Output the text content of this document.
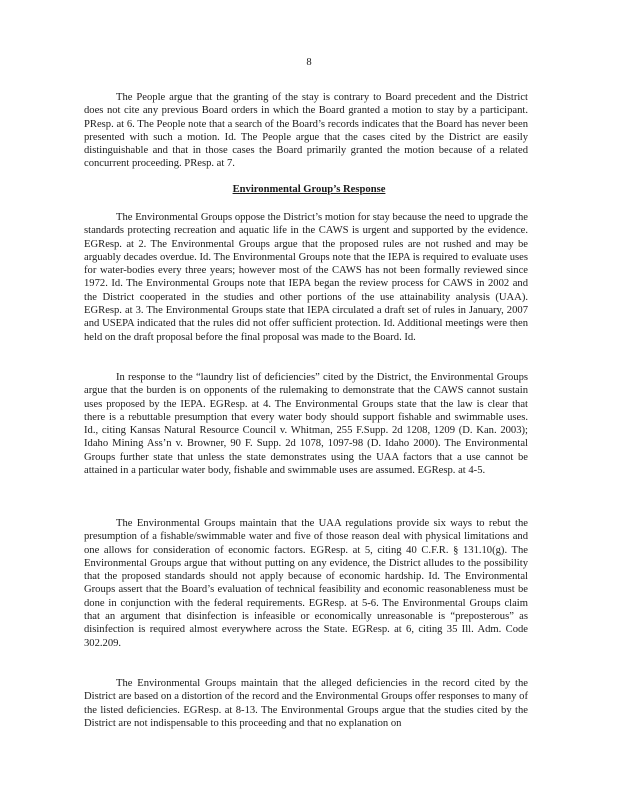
8
The People argue that the granting of the stay is contrary to Board precedent and the District does not cite any previous Board orders in which the Board granted a motion to stay by a participant. PResp. at 6. The People note that a search of the Board’s records indicates that the Board has never been presented with such a motion. Id. The People argue that the cases cited by the District are easily distinguishable and that in those cases the Board primarily granted the motion because of a related concurrent proceeding. PResp. at 7.
Environmental Group’s Response
The Environmental Groups oppose the District’s motion for stay because the need to upgrade the standards protecting recreation and aquatic life in the CAWS is urgent and supported by the evidence. EGResp. at 2. The Environmental Groups argue that the proposed rules are not rushed and may be arguably decades overdue. Id. The Environmental Groups note that the IEPA is required to evaluate uses for water-bodies every three years; however most of the CAWS has not been formally reviewed since 1972. Id. The Environmental Groups note that IEPA began the review process for CAWS in 2002 and the District cooperated in the studies and other portions of the use attainability analysis (UAA). EGResp. at 3. The Environmental Groups state that IEPA circulated a draft set of rules in January, 2007 and USEPA indicated that the rules did not offer sufficient protection. Id. Additional meetings were then held on the draft proposal before the final proposal was made to the Board. Id.
In response to the “laundry list of deficiencies” cited by the District, the Environmental Groups argue that the burden is on opponents of the rulemaking to demonstrate that the CAWS cannot sustain uses proposed by the IEPA. EGResp. at 4. The Environmental Groups state that the law is clear that there is a rebuttable presumption that every water body should support fishable and swimmable uses. Id., citing Kansas Natural Resource Council v. Whitman, 255 F.Supp. 2d 1208, 1209 (D. Kan. 2003); Idaho Mining Ass’n v. Browner, 90 F. Supp. 2d 1078, 1097-98 (D. Idaho 2000). The Environmental Groups further state that unless the state demonstrates using the UAA factors that a use cannot be attained in a particular water body, fishable and swimmable uses are assumed. EGResp. at 4-5.
The Environmental Groups maintain that the UAA regulations provide six ways to rebut the presumption of a fishable/swimmable water and five of those reason deal with physical limitations and one allows for consideration of economic factors. EGResp. at 5, citing 40 C.F.R. § 131.10(g). The Environmental Groups argue that without putting on any evidence, the District alludes to the possibility that the proposed standards should not apply because of economic hardship. Id. The Environmental Groups assert that the Board’s evaluation of technical feasibility and economic reasonableness must be done in conjunction with the federal requirements. EGResp. at 5-6. The Environmental Groups claim that an argument that disinfection is infeasible or economically unreasonable is “preposterous” as disinfection is required almost everywhere across the State. EGResp. at 6, citing 35 Ill. Adm. Code 302.209.
The Environmental Groups maintain that the alleged deficiencies in the record cited by the District are based on a distortion of the record and the Environmental Groups offer responses to many of the listed deficiencies. EGResp. at 8-13. The Environmental Groups argue that the studies cited by the District are not indispensable to this proceeding and that no explanation on
